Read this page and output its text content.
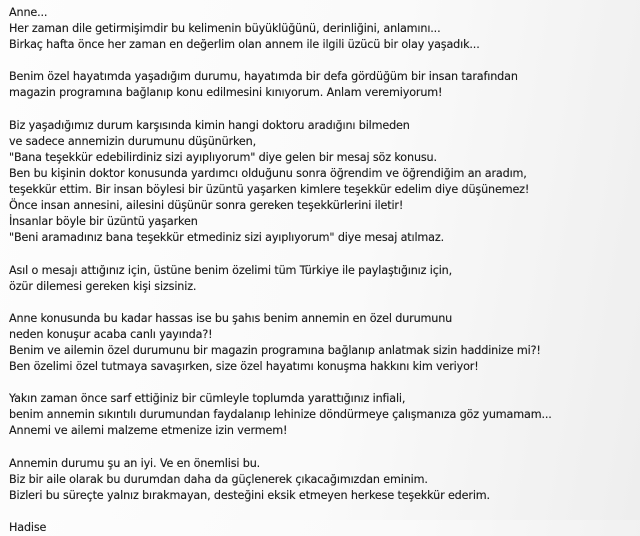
Anne...
Her zaman dile getirmişimdir bu kelimenin büyüklüğünü, derinliğini, anlamını...
Birkaç hafta önce her zaman en değerlim olan annem ile ilgili üzücü bir olay yaşadık...
Benim özel hayatımda yaşadığım durumu, hayatımda bir defa gördüğüm bir insan tarafından
magazin programına bağlanıp konu edilmesini kınıyorum. Anlam veremiyorum!
Biz yaşadığımız durum karşısında kimin hangi doktoru aradığını bilmeden
ve sadece annemizin durumunu düşünürken,
"Bana teşekkür edebilirdiniz sizi ayıplıyorum" diye gelen bir mesaj söz konusu.
Ben bu kişinin doktor konusunda yardımcı olduğunu sonra öğrendim ve öğrendiğim an aradım,
teşekkür ettim. Bir insan böylesi bir üzüntü yaşarken kimlere teşekkür edelim diye düşünemez!
Önce insan annesini, ailesini düşünür sonra gereken teşekkürlerini iletir!
İnsanlar böyle bir üzüntü yaşarken
"Beni aramadınız bana teşekkür etmediniz sizi ayıplıyorum" diye mesaj atılmaz.
Asıl o mesajı attığınız için, üstüne benim özelimi tüm Türkiye ile paylaştığınız için,
özür dilemesi gereken kişi sizsiniz.
Anne konusunda bu kadar hassas ise bu şahıs benim annemin en özel durumunu
neden konuşur acaba canlı yayında?!
Benim ve ailemin özel durumunu bir magazin programına bağlanıp anlatmak sizin haddinize mi?!
Ben özelimi özel tutmaya savaşırken, size özel hayatımı konuşma hakkını kim veriyor!
Yakın zaman önce sarf ettiğiniz bir cümleyle toplumda yarattığınız infiali,
benim annemin sıkıntılı durumundan faydalanıp lehinize döndürmeye çalışmanıza göz yumamam...
Annemi ve ailemi malzeme etmenize izin vermem!
Annemin durumu şu an iyi. Ve en önemlisi bu.
Biz bir aile olarak bu durumdan daha da güçlenerek çıkacağımızdan eminim.
Bizleri bu süreçte yalnız bırakmayan, desteğini eksik etmeyen herkese teşekkür ederim.
Hadise
